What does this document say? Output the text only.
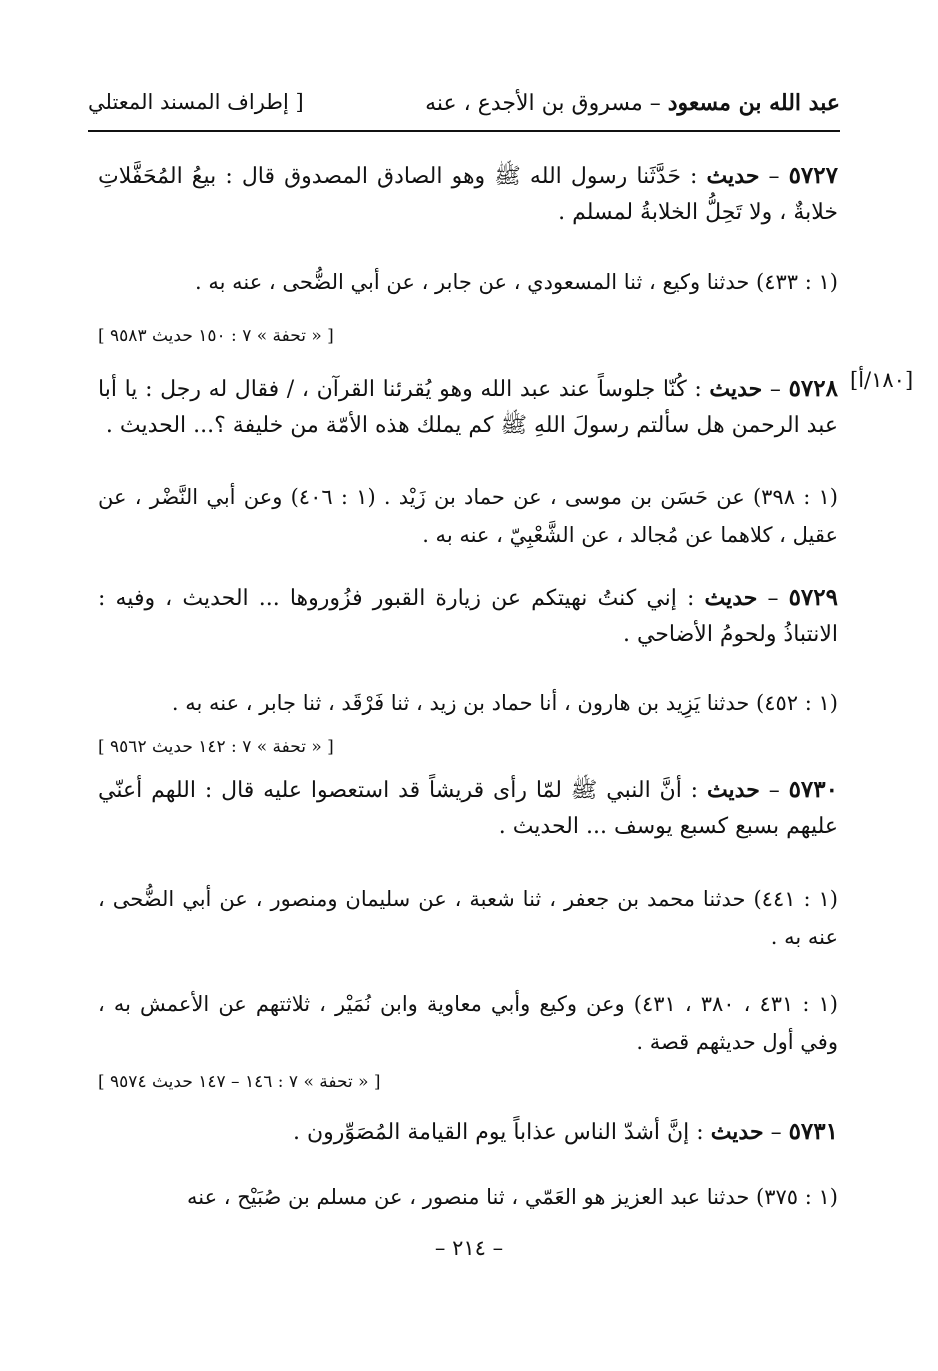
عبد الله بن مسعود – مسروق بن الأجدع ، عنه
[ إطراف المسند المعتلي
٥٧٢٧ – حديث : حَدَّثَنا رسول الله ﷺ وهو الصادق المصدوق قال : بيعُ المُحَفَّلاتِ خلابةٌ ، ولا تَحِلُّ الخلابةُ لمسلم .
(١ : ٤٣٣) حدثنا وكيع ، ثنا المسعودي ، عن جابر ، عن أبي الضُّحى ، عنه به .
[ « تحفة » ٧ : ١٥٠ حديث ٩٥٨٣ ]
[١٨٠/أ]
٥٧٢٨ – حديث : كُنّا جلوساً عند عبد الله وهو يُقرئنا القرآن ، / فقال له رجل : يا أبا عبد الرحمن هل سألتم رسولَ اللهِ ﷺ كم يملك هذه الأمّة من خليفة ؟... الحديث .
(١ : ٣٩٨) عن حَسَن بن موسى ، عن حماد بن زَيْد . (١ : ٤٠٦) وعن أبي النَّضْر ، عن عقيل ، كلاهما عن مُجالد ، عن الشَّعْبِيّ ، عنه به .
٥٧٢٩ – حديث : إني كنتُ نهيتكم عن زيارة القبور فزُوروها ... الحديث ، وفيه : الانتباذُ ولحومُ الأضاحي .
(١ : ٤٥٢) حدثنا يَزِيد بن هارون ، أنا حماد بن زيد ، ثنا فَرْقَد ، ثنا جابر ، عنه به .
[ « تحفة » ٧ : ١٤٢ حديث ٩٥٦٢ ]
٥٧٣٠ – حديث : أنَّ النبي ﷺ لمّا رأى قريشاً قد استعصوا عليه قال : اللهم أعنّي عليهم بسبع كسبع يوسف ... الحديث .
(١ : ٤٤١) حدثنا محمد بن جعفر ، ثنا شعبة ، عن سليمان ومنصور ، عن أبي الضُّحى ، عنه به .
(١ : ٤٣١ ، ٣٨٠ ، ٤٣١) وعن وكيع وأبي معاوية وابن نُمَيْر ، ثلاثتهم عن الأعمش به ، وفي أول حديثهم قصة .
[ « تحفة » ٧ : ١٤٦ – ١٤٧ حديث ٩٥٧٤ ]
٥٧٣١ – حديث : إنَّ أشدّ الناس عذاباً يوم القيامة المُصَوِّرون .
(١ : ٣٧٥) حدثنا عبد العزيز هو العَمّي ، ثنا منصور ، عن مسلم بن صُبَيْح ، عنه
– ٢١٤ –
